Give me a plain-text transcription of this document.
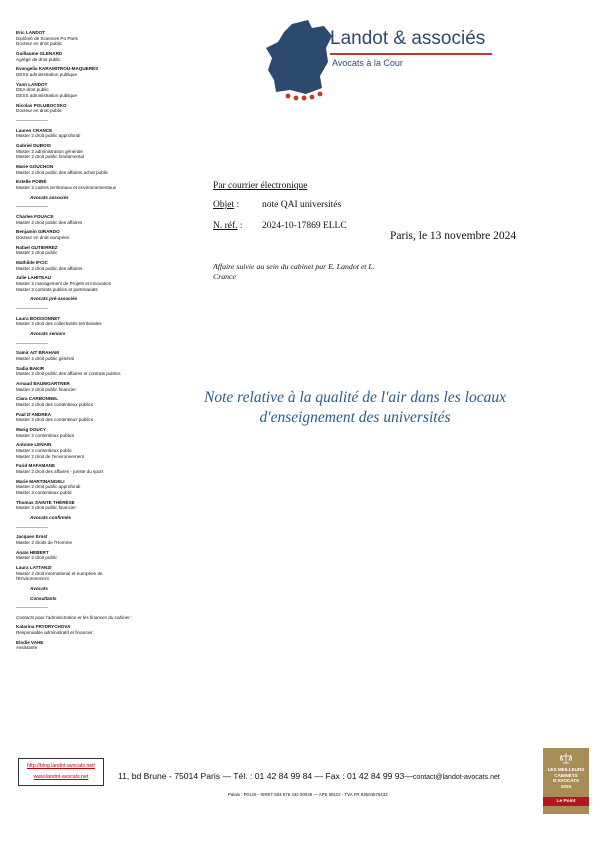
Eric LANDOT
Diplômé de Sciences Po Paris
Docteur en droit public
Guillaume GLENARD
Agrégé de droit public
Evangelia KARAMITROU-MAQUERES
DESS administration publique
Yann LANDOT
DEA droit public
DESS administration publique
Nicolas POLUBOCSKO
Docteur en droit public
------------------------
Lauren CRANCE
Master 2 droit public approfondi
Gabriel DUBOIS
Master 2 administration générale
Master 2 droit public fondamental
Marie GOUCHON
Master 2 droit public des affaires achat public
Estelle POIRÉ
Master 2 cadres territoriaux et environnementaux
Avocats associés
------------------------
Charles FOUACE
Master 2 droit public des affaires
Benjamin GIRARDO
Docteur en droit européen
Rafael GUTIERREZ
Master 2 droit public
Mathilde IFCIC
Master 2 droit public des affaires
Julie LAHITEAU
Master 2 management de Projets et innovation
Master 2 contrats publics et partenariats
Avocats pré-associés
------------------------
Laura BOISSONNET
Master 2 droit des collectivités territoriales
Avocats seniors
------------------------
Samir AIT BRAHAM
Master 2 droit public général
Sadia BAKIR
Master 2 droit public des affaires et contrats publics
Arnaud BAUMGARTNER
Master 2 droit public financier
Clara CARBONNEL
Master 2 droit des contentieux publics
Paul D'ANDREA
Master 2 droit des contentieux publics
Marig DOUCY
Master 2 contentieux publics
Antoine LENAIN
Master 2 contentieux public
Master 2 droit de l'environnement
Farid MAFAMANE
Master 2 droit des affaires - juriste du sport
Marie MARTINANGELI
Master 2 droit public approfondi
Master 2 contentieux public
Thomas SAINTE THÉRÈSE
Master 2 droit public financier
Avocats confirmés
------------------------
Jacques Ernst
Master 2 droits de l'Homme
Anaïs HEBERT
Master 2 droit public
Laura LATTANZI
Master 2 droit international et européen de
l'Environnement
Avocats
Consultants
------------------------
Contacts pour l'administration et les finances du cabinet :
Katarina FRYDRYCHOVA
Responsable administratif et financier
Elodie VAHE
Assistante
Landot & associés
Avocats à la Cour
Par courrier électronique
Objet : note QAI universités
N. réf. : 2024-10-17869 ELLC
Paris, le 13 novembre 2024
Affaire suivie au sein du cabinet par E. Landot et L. Crance
Note relative à la qualité de l'air dans les locaux d'enseignement des universités
http://blog.landot-avocats.net/
www.landot-avocats.net	11, bd Brune - 75014 Paris — Tél. : 01 42 84 99 84 — Fax : 01 42 84 99 93—contact@landot-avocats.net
Palais : P0140 - SIRET 504 575 432 00036 — APE 6910z - TVA FR 83504575432
LES MEILLEURS
CABINETS
D'AVOCATS
2024
Le Point
